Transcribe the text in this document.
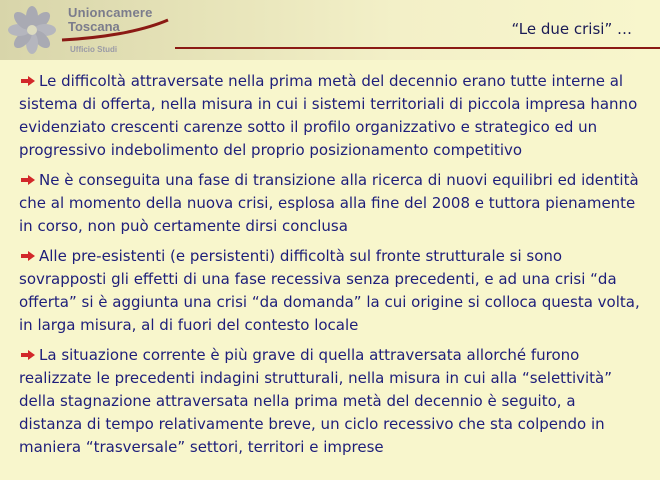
Unioncamere
Toscana
Ufficio Studi
“Le due crisi” …

Le difficoltà attraversate nella prima metà del decennio erano tutte interne al sistema di offerta, nella misura in cui i sistemi territoriali di piccola impresa hanno evidenziato crescenti carenze sotto il profilo organizzativo e strategico ed un progressivo indebolimento del proprio posizionamento competitivo

Ne è conseguita una fase di transizione alla ricerca di nuovi equilibri ed identità che al momento della nuova crisi, esplosa alla fine del 2008 e tuttora pienamente in corso, non può certamente dirsi conclusa

Alle pre-esistenti (e persistenti) difficoltà sul fronte strutturale si sono sovrapposti gli effetti di una fase recessiva senza precedenti, e ad una crisi “da offerta” si è aggiunta una crisi “da domanda” la cui origine si colloca questa volta, in larga misura, al di fuori del contesto locale

La situazione corrente è più grave di quella attraversata allorché furono realizzate le precedenti indagini strutturali, nella misura in cui alla “selettività” della stagnazione attraversata nella prima metà del decennio è seguito, a distanza di tempo relativamente breve, un ciclo recessivo che sta colpendo in maniera “trasversale” settori, territori e imprese
